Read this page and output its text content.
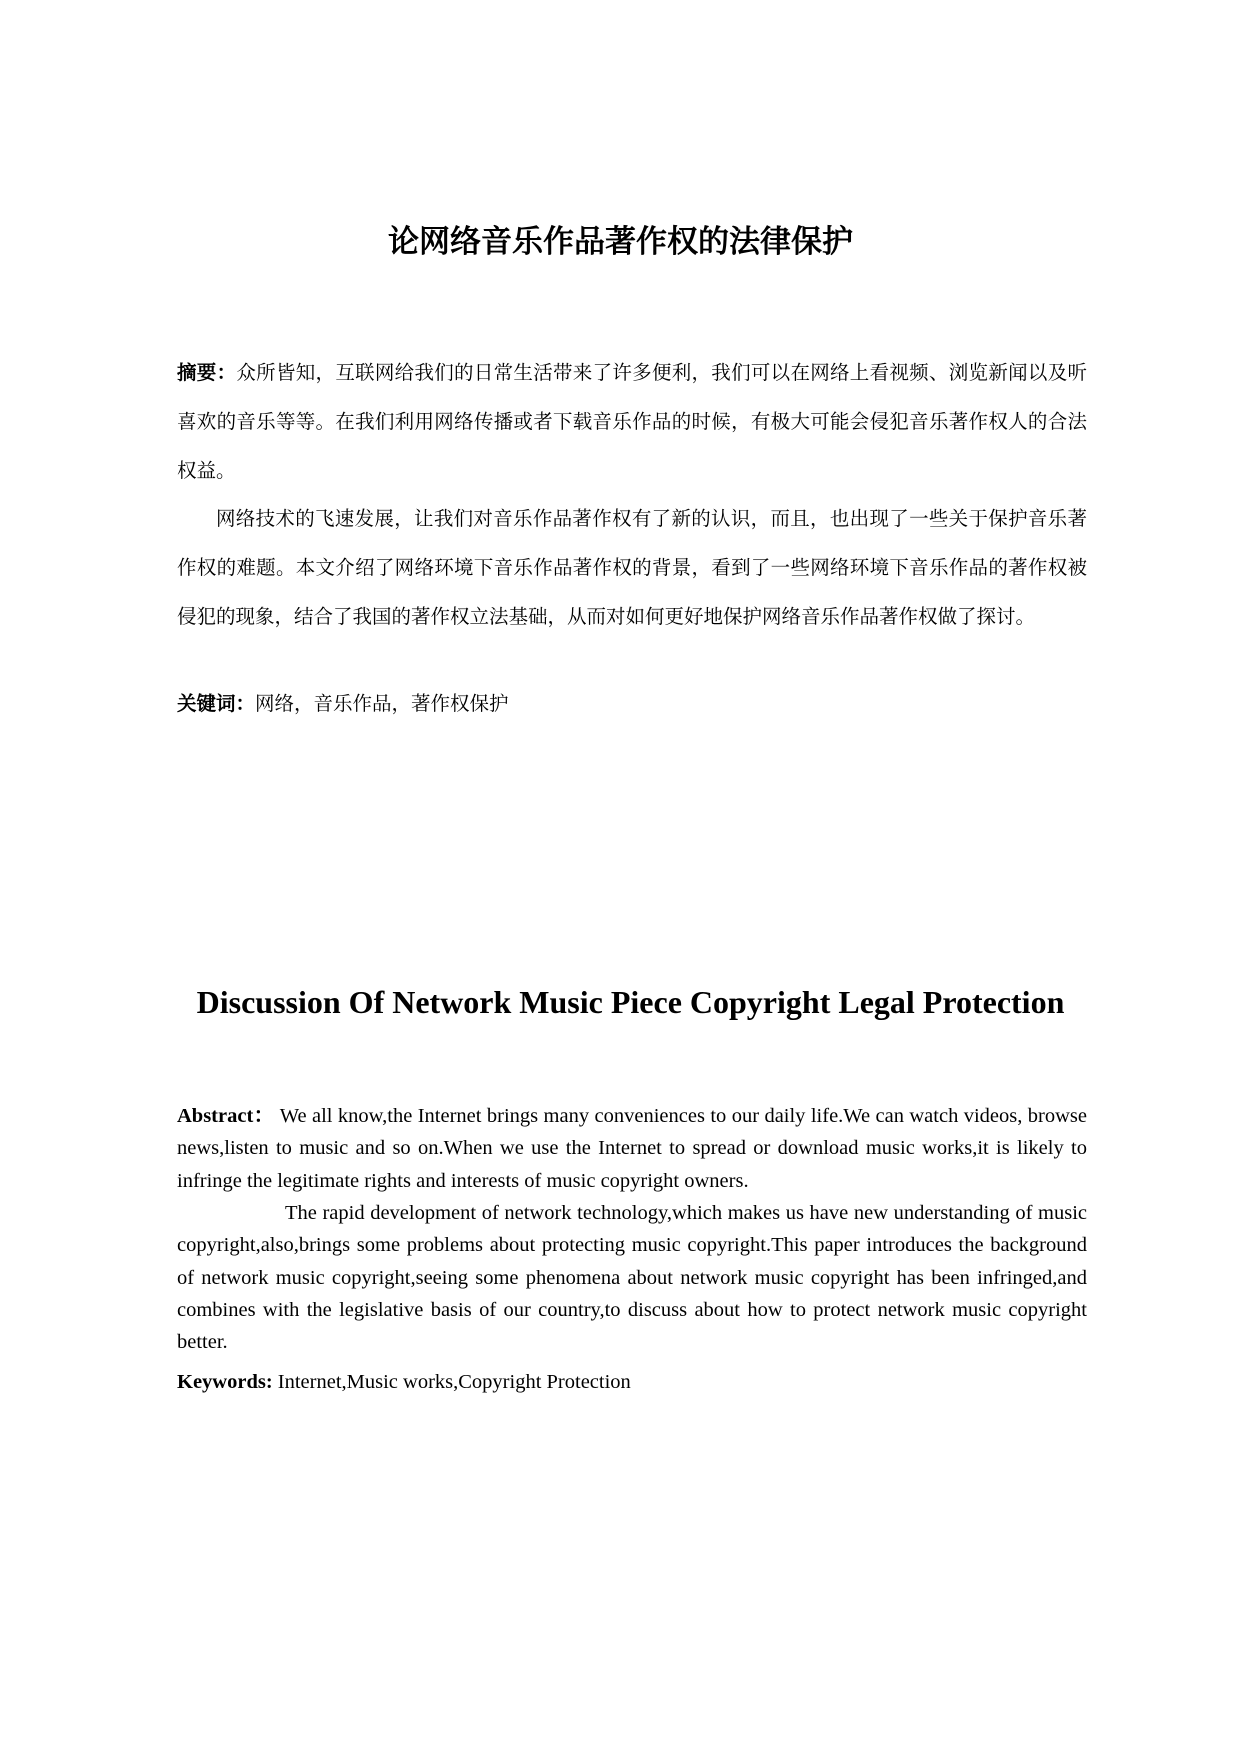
论网络音乐作品著作权的法律保护

摘要：众所皆知，互联网给我们的日常生活带来了许多便利，我们可以在网络上看视频、浏览新闻以及听喜欢的音乐等等。在我们利用网络传播或者下载音乐作品的时候，有极大可能会侵犯音乐著作权人的合法权益。

网络技术的飞速发展，让我们对音乐作品著作权有了新的认识，而且，也出现了一些关于保护音乐著作权的难题。本文介绍了网络环境下音乐作品著作权的背景，看到了一些网络环境下音乐作品的著作权被侵犯的现象，结合了我国的著作权立法基础，从而对如何更好地保护网络音乐作品著作权做了探讨。

关键词：网络，音乐作品，著作权保护

Discussion Of Network Music Piece Copyright Legal Protection

Abstract： We all know,the Internet brings many conveniences to our daily life.We can watch videos, browse news,listen to music and so on.When we use the Internet to spread or download music works,it is likely to infringe the legitimate rights and interests of music copyright owners.

The rapid development of network technology,which makes us have new understanding of music copyright,also,brings some problems about protecting music copyright.This paper introduces the background of network music copyright,seeing some phenomena about network music copyright has been infringed,and combines with the legislative basis of our country,to discuss about how to protect network music copyright better.

Keywords: Internet,Music works,Copyright Protection
